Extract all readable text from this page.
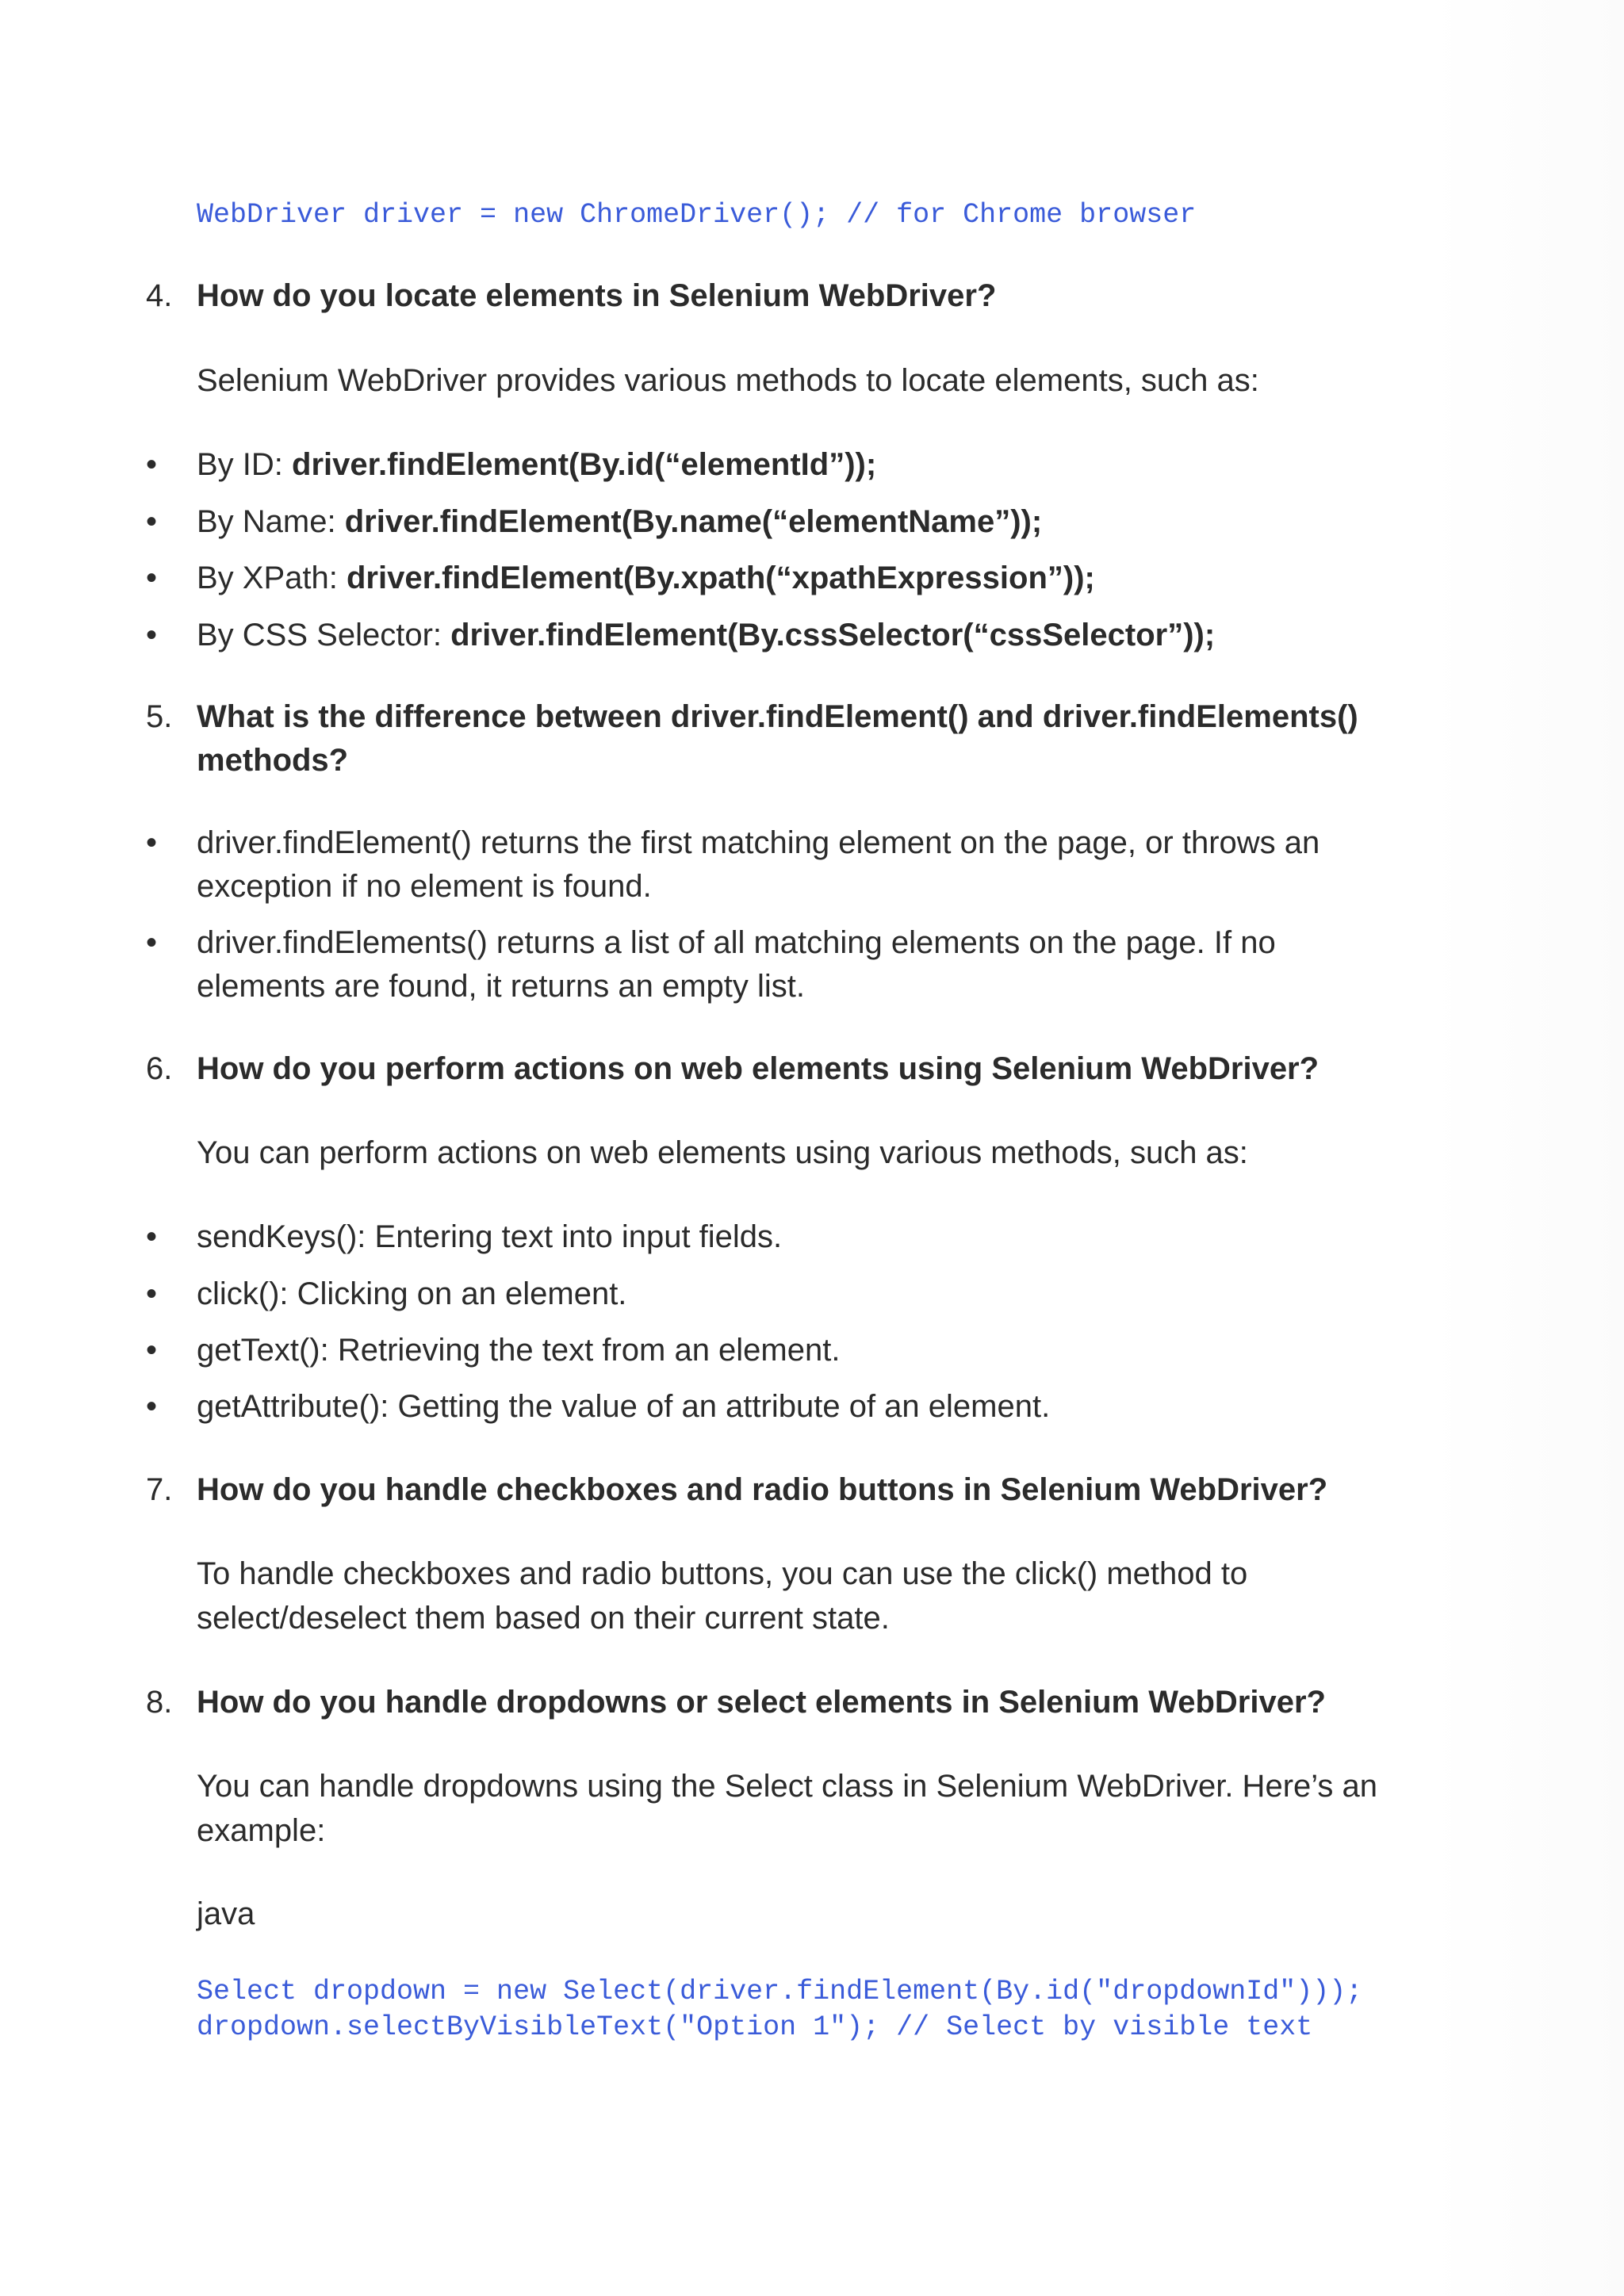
WebDriver driver = new ChromeDriver(); // for Chrome browser
4. How do you locate elements in Selenium WebDriver?
Selenium WebDriver provides various methods to locate elements, such as:
• By ID: driver.findElement(By.id(“elementId”));
• By Name: driver.findElement(By.name(“elementName”));
• By XPath: driver.findElement(By.xpath(“xpathExpression”));
• By CSS Selector: driver.findElement(By.cssSelector(“cssSelector”));
5. What is the difference between driver.findElement() and driver.findElements()
methods?
• driver.findElement() returns the first matching element on the page, or throws an
exception if no element is found.
• driver.findElements() returns a list of all matching elements on the page. If no
elements are found, it returns an empty list.
6. How do you perform actions on web elements using Selenium WebDriver?
You can perform actions on web elements using various methods, such as:
• sendKeys(): Entering text into input fields.
• click(): Clicking on an element.
• getText(): Retrieving the text from an element.
• getAttribute(): Getting the value of an attribute of an element.
7. How do you handle checkboxes and radio buttons in Selenium WebDriver?
To handle checkboxes and radio buttons, you can use the click() method to
select/deselect them based on their current state.
8. How do you handle dropdowns or select elements in Selenium WebDriver?
You can handle dropdowns using the Select class in Selenium WebDriver. Here’s an
example:
java
Select dropdown = new Select(driver.findElement(By.id("dropdownId")));
dropdown.selectByVisibleText("Option 1"); // Select by visible text
